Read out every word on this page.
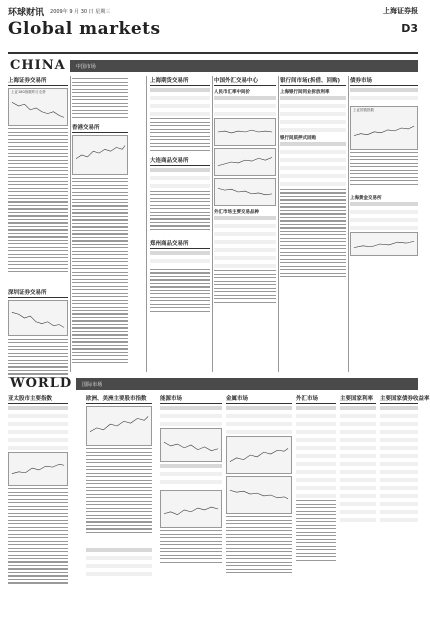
环球财讯 2009年 9 月 30 日 星期三	上海证券报
Global markets	D3
CHINA	中国市场
上海证券交易所
上证180指数昨日走势
深圳证券交易所
香港交易所
上海期货交易所

大连商品交易所

郑州商品交易所

中国外汇交易中心
人民币汇率中间价

外汇市场主要交易品种

银行间市场(拆借、回购)
上海银行间同业拆放利率

银行间质押式回购

债券市场

上证国债指数
上海黄金交易所

WORLD	国际市场
亚太股市主要指数

				欧洲、美洲主要股市指数

				能源市场

				金属市场

				外汇市场

			主要国家利率

			主要国家债券收益率
